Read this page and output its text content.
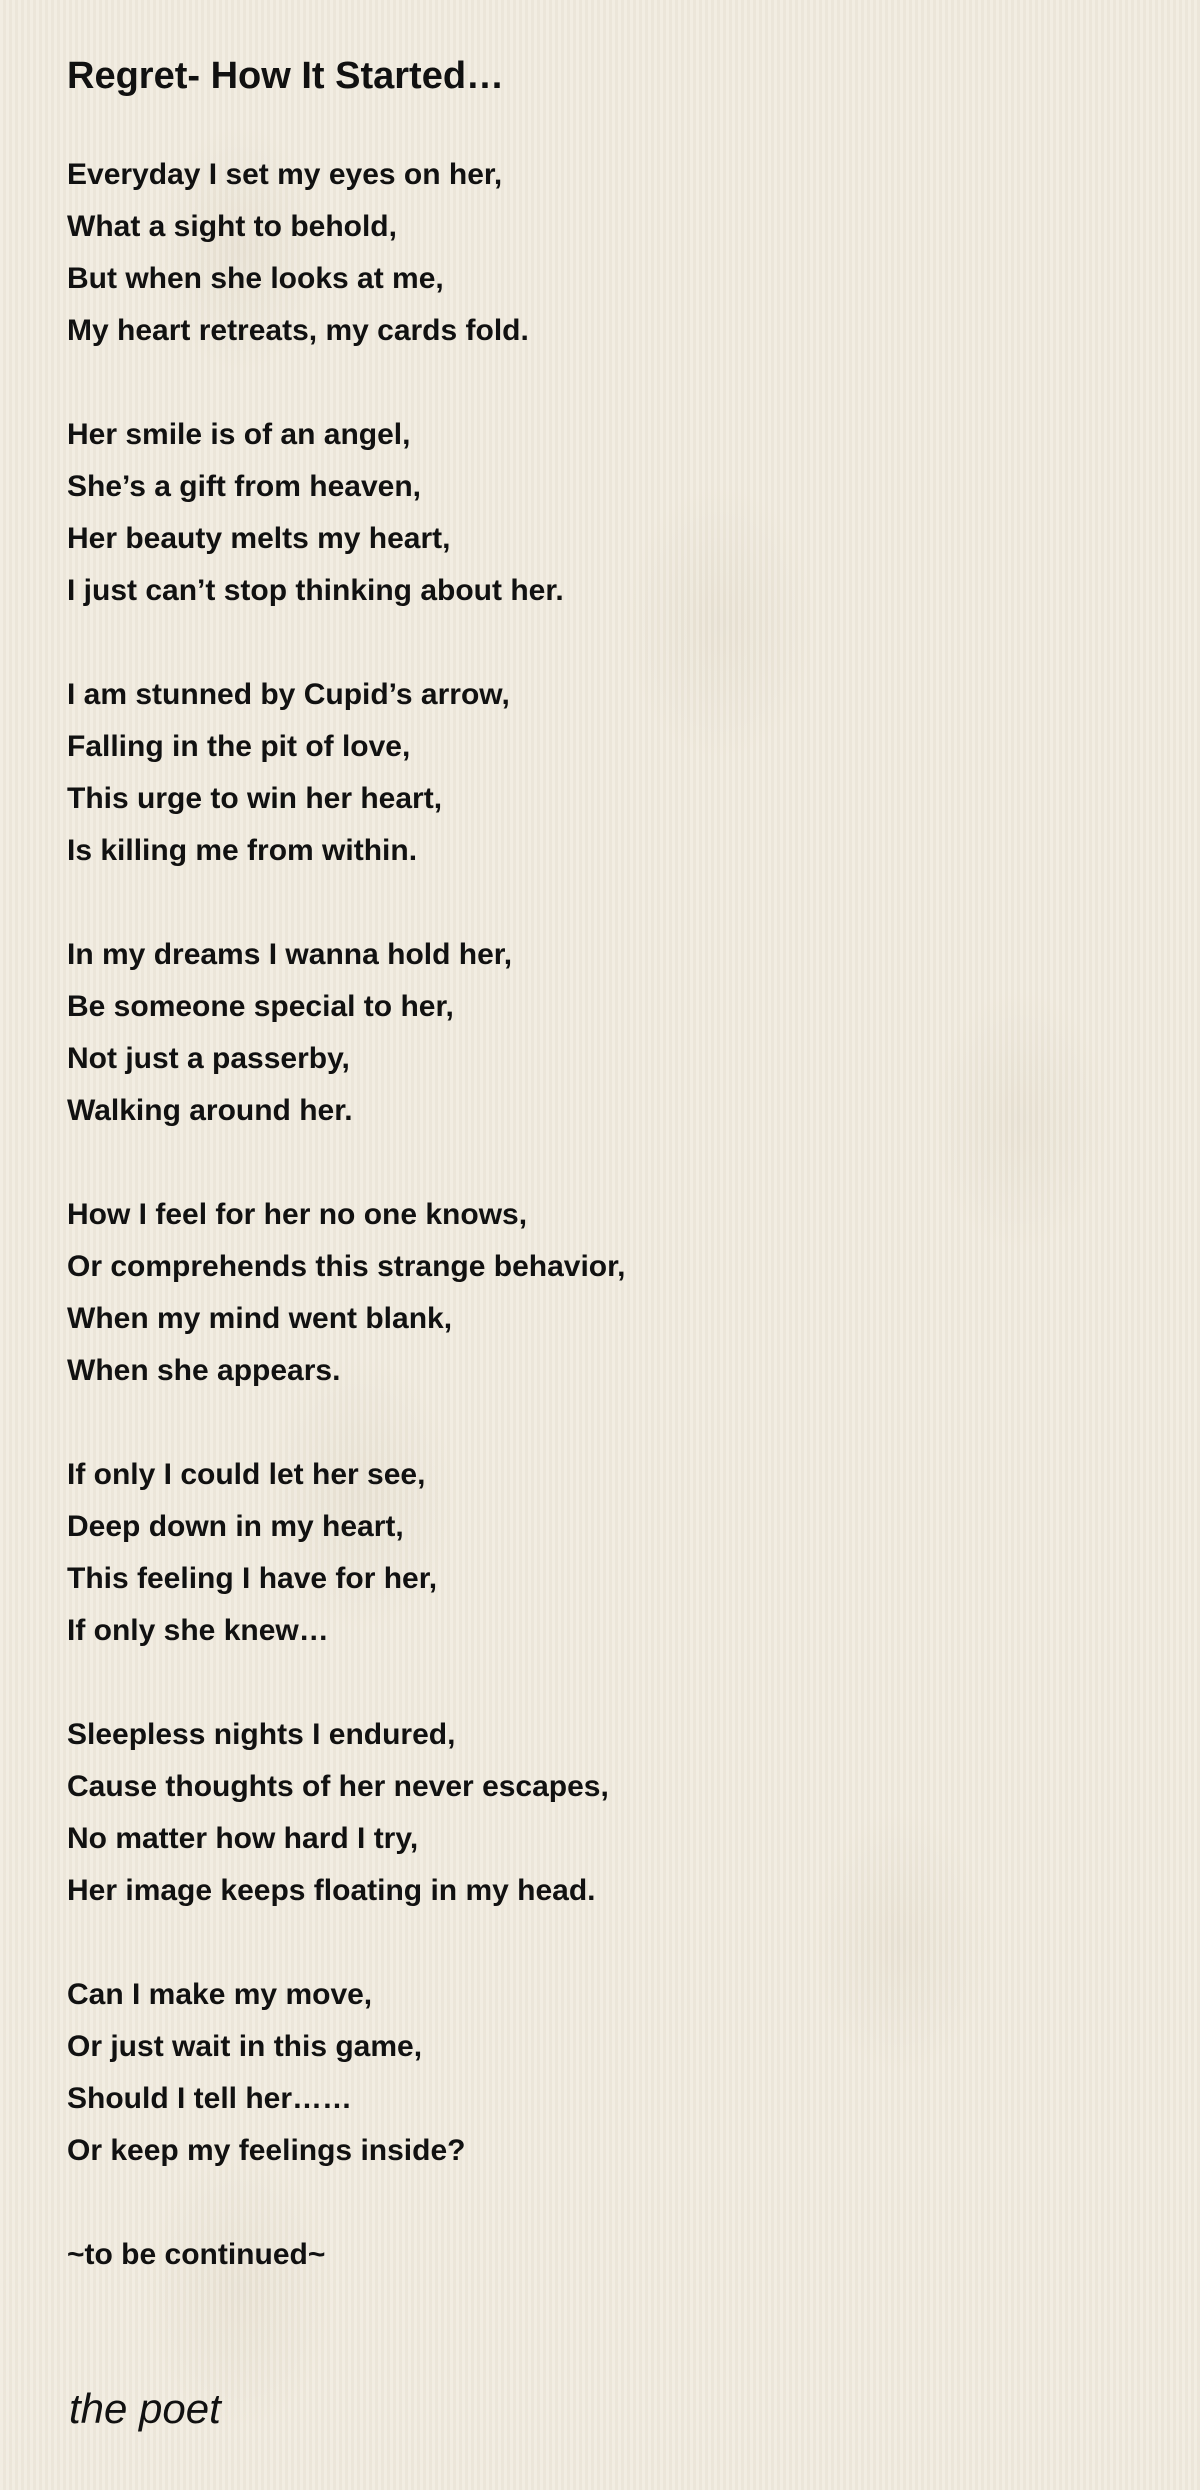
Regret- How It Started…
Everyday I set my eyes on her,
What a sight to behold,
But when she looks at me,
My heart retreats, my cards fold.
Her smile is of an angel,
She’s a gift from heaven,
Her beauty melts my heart,
I just can’t stop thinking about her.
I am stunned by Cupid’s arrow,
Falling in the pit of love,
This urge to win her heart,
Is killing me from within.
In my dreams I wanna hold her,
Be someone special to her,
Not just a passerby,
Walking around her.
How I feel for her no one knows,
Or comprehends this strange behavior,
When my mind went blank,
When she appears.
If only I could let her see,
Deep down in my heart,
This feeling I have for her,
If only she knew…
Sleepless nights I endured,
Cause thoughts of her never escapes,
No matter how hard I try,
Her image keeps floating in my head.
Can I make my move,
Or just wait in this game,
Should I tell her……
Or keep my feelings inside?
~to be continued~
the poet
